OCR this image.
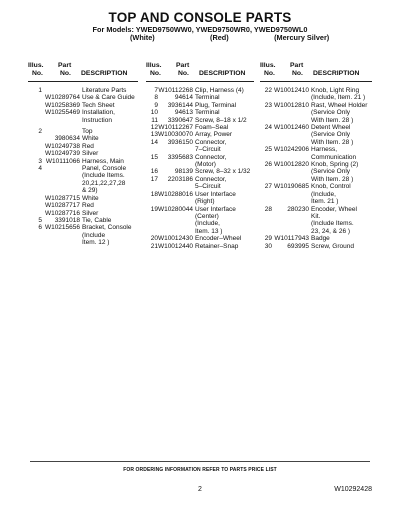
TOP AND CONSOLE PARTS
For Models: YWED9750WW0, YWED9750WR0, YWED9750WL0
(White)	(Red)	(Mercury Silver)
Illus.
No.
Part
No. DESCRIPTION
Illus.
No.
Part
No. DESCRIPTION
Illus.
No.
Part
No. DESCRIPTION
1	Literature Parts
W10289764 Use & Care Guide
W10258369 Tech Sheet
W10255469 Installation,
Instruction
2	Top
3980634 White
W10249738 Red
W10249739 Silver
3 W10111066 Harness, Main
4	Panel, Console
(Include Items.
20,21,22,27,28
& 29)
W10287715 White
W10287717 Red
W10287716 Silver
5	3391018 Tie, Cable
6 W10215656 Bracket, Console
(Include
Item. 12 )
7 W10112268 Clip, Harness (4)
8	94614 Terminal
9	3936144 Plug, Terminal
10	94613 Terminal
11	3390647 Screw, 8–18 x 1/2
12 W10112267 Foam–Seal
13 W10030070 Array, Power
14	3936150 Connector,
7–Circuit
15	3395683 Connector,
(Motor)
16	98139 Screw, 8–32 x 1/32
17	2203186 Connector,
5–Circuit
18 W10288016 User Interface
(Right)
19 W10280044 User Interface
(Center)
(Include,
Item. 13 )
20 W10012430 Encoder–Wheel
21 W10012440 Retainer–Snap
22 W10012410 Knob, Light Ring
(Include, Item. 21 )
23 W10012810 Rast, Wheel Holder
(Service Only
With Item. 28 )
24 W10012460 Detent Wheel
(Service Only
With Item. 28 )
25 W10242906 Harness,
Communication
26 W10012820 Knob, Spring (2)
(Service Only
With Item. 28 )
27 W10190685 Knob, Control
(Include,
Item. 21 )
28	280230 Encoder, Wheel
Kit.
(Include Items.
23, 24, & 26 )
29 W10117943 Badge
30	693995 Screw, Ground
FOR ORDERING INFORMATION REFER TO PARTS PRICE LIST
2	W10292428
